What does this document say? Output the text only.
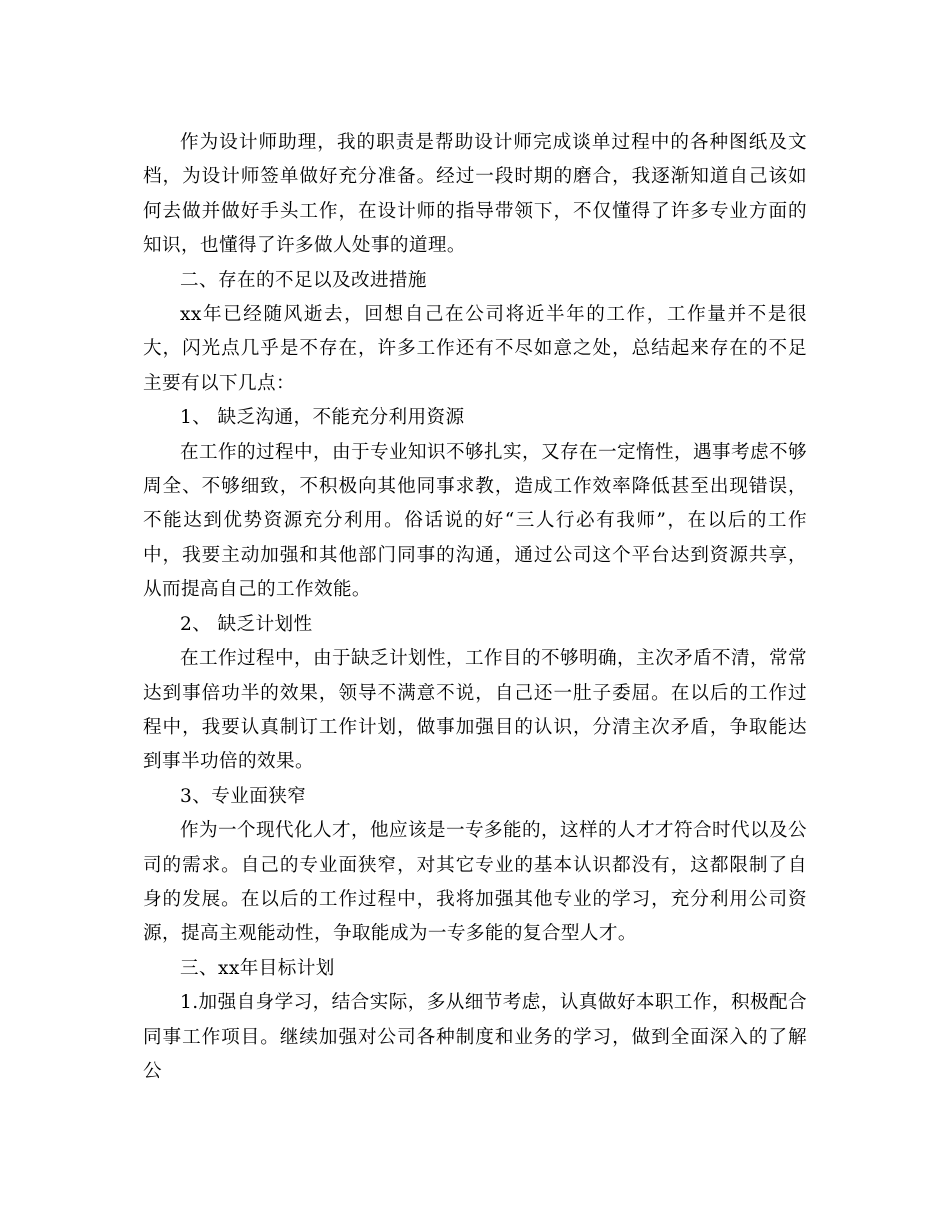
作为设计师助理，我的职责是帮助设计师完成谈单过程中的各种图纸及文档，为设计师签单做好充分准备。经过一段时期的磨合，我逐渐知道自己该如何去做并做好手头工作，在设计师的指导带领下，不仅懂得了许多专业方面的知识，也懂得了许多做人处事的道理。

二、存在的不足以及改进措施

xx年已经随风逝去，回想自己在公司将近半年的工作，工作量并不是很大，闪光点几乎是不存在，许多工作还有不尽如意之处，总结起来存在的不足主要有以下几点：

1、 缺乏沟通，不能充分利用资源

在工作的过程中，由于专业知识不够扎实，又存在一定惰性，遇事考虑不够周全、不够细致，不积极向其他同事求教，造成工作效率降低甚至出现错误，不能达到优势资源充分利用。俗话说的好“三人行必有我师”，在以后的工作中，我要主动加强和其他部门同事的沟通，通过公司这个平台达到资源共享，从而提高自己的工作效能。

2、 缺乏计划性

在工作过程中，由于缺乏计划性，工作目的不够明确，主次矛盾不清，常常达到事倍功半的效果，领导不满意不说，自己还一肚子委屈。在以后的工作过程中，我要认真制订工作计划，做事加强目的认识，分清主次矛盾，争取能达到事半功倍的效果。

3、专业面狭窄

作为一个现代化人才，他应该是一专多能的，这样的人才才符合时代以及公司的需求。自己的专业面狭窄，对其它专业的基本认识都没有，这都限制了自身的发展。在以后的工作过程中，我将加强其他专业的学习，充分利用公司资源，提高主观能动性，争取能成为一专多能的复合型人才。

三、xx年目标计划

1.加强自身学习，结合实际，多从细节考虑，认真做好本职工作，积极配合同事工作项目。继续加强对公司各种制度和业务的学习，做到全面深入的了解公
